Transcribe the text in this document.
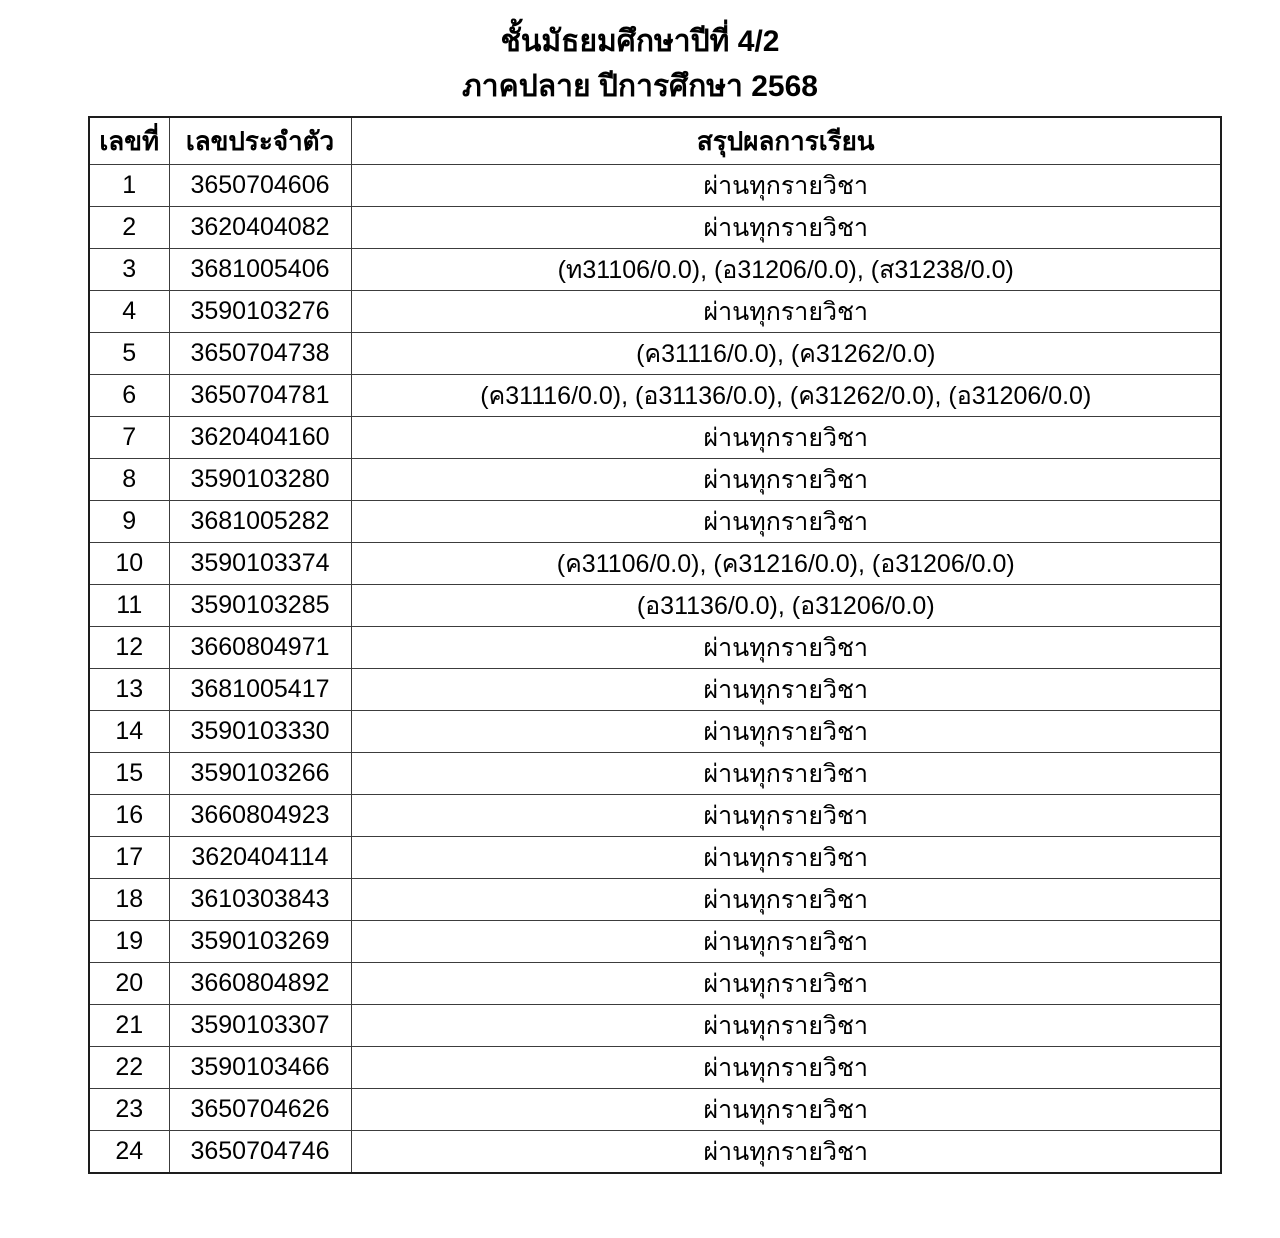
ชั้นมัธยมศึกษาปีที่ 4/2
ภาคปลาย ปีการศึกษา 2568
เลขที่	เลขประจำตัว	สรุปผลการเรียน
1	3650704606	ผ่านทุกรายวิชา
2	3620404082	ผ่านทุกรายวิชา
3	3681005406	(ท31106/0.0), (อ31206/0.0), (ส31238/0.0)
4	3590103276	ผ่านทุกรายวิชา
5	3650704738	(ค31116/0.0), (ค31262/0.0)
6	3650704781	(ค31116/0.0), (อ31136/0.0), (ค31262/0.0), (อ31206/0.0)
7	3620404160	ผ่านทุกรายวิชา
8	3590103280	ผ่านทุกรายวิชา
9	3681005282	ผ่านทุกรายวิชา
10	3590103374	(ค31106/0.0), (ค31216/0.0), (อ31206/0.0)
11	3590103285	(อ31136/0.0), (อ31206/0.0)
12	3660804971	ผ่านทุกรายวิชา
13	3681005417	ผ่านทุกรายวิชา
14	3590103330	ผ่านทุกรายวิชา
15	3590103266	ผ่านทุกรายวิชา
16	3660804923	ผ่านทุกรายวิชา
17	3620404114	ผ่านทุกรายวิชา
18	3610303843	ผ่านทุกรายวิชา
19	3590103269	ผ่านทุกรายวิชา
20	3660804892	ผ่านทุกรายวิชา
21	3590103307	ผ่านทุกรายวิชา
22	3590103466	ผ่านทุกรายวิชา
23	3650704626	ผ่านทุกรายวิชา
24	3650704746	ผ่านทุกรายวิชา
